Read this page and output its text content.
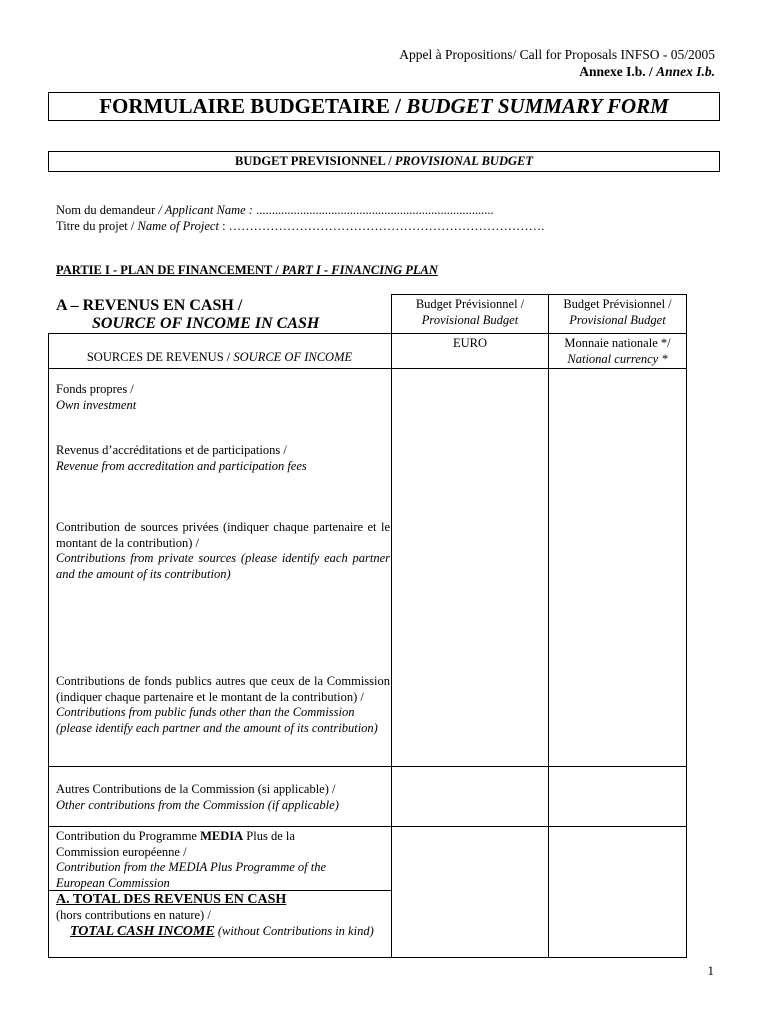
Appel à Propositions/ Call for Proposals INFSO - 05/2005
Annexe I.b. / Annex I.b.
FORMULAIRE BUDGETAIRE / BUDGET SUMMARY FORM
BUDGET PREVISIONNEL / PROVISIONAL BUDGET
Nom du demandeur / Applicant Name : ............................................................................
Titre du projet / Name of Project : ………………………………………………………………….
PARTIE I - PLAN DE FINANCEMENT / PART I - FINANCING PLAN
A – REVENUS EN CASH /
SOURCE OF INCOME IN CASH
Budget Prévisionnel /
Provisional Budget
Budget Prévisionnel /
Provisional Budget
EURO	Monnaie nationale */
National currency *
SOURCES DE REVENUS / SOURCE OF INCOME
Fonds propres /
Own investment
Revenus d’accréditations et de participations /
Revenue from accreditation and participation fees
Contribution de sources privées (indiquer chaque partenaire et le montant de la contribution) /
Contributions from private sources (please identify each partner and the amount of its contribution)
Contributions de fonds publics autres que ceux de la Commission (indiquer chaque partenaire et le montant de la contribution) /
Contributions from public funds other than the Commission (please identify each partner and the amount of its contribution)
Autres Contributions de la Commission (si applicable) /
Other contributions from the Commission (if applicable)
Contribution du Programme MEDIA Plus de la Commission européenne /
Contribution from the MEDIA Plus Programme of the European Commission
A. TOTAL DES REVENUS EN CASH
(hors contributions en nature) /
TOTAL CASH INCOME (without Contributions in kind)
1
